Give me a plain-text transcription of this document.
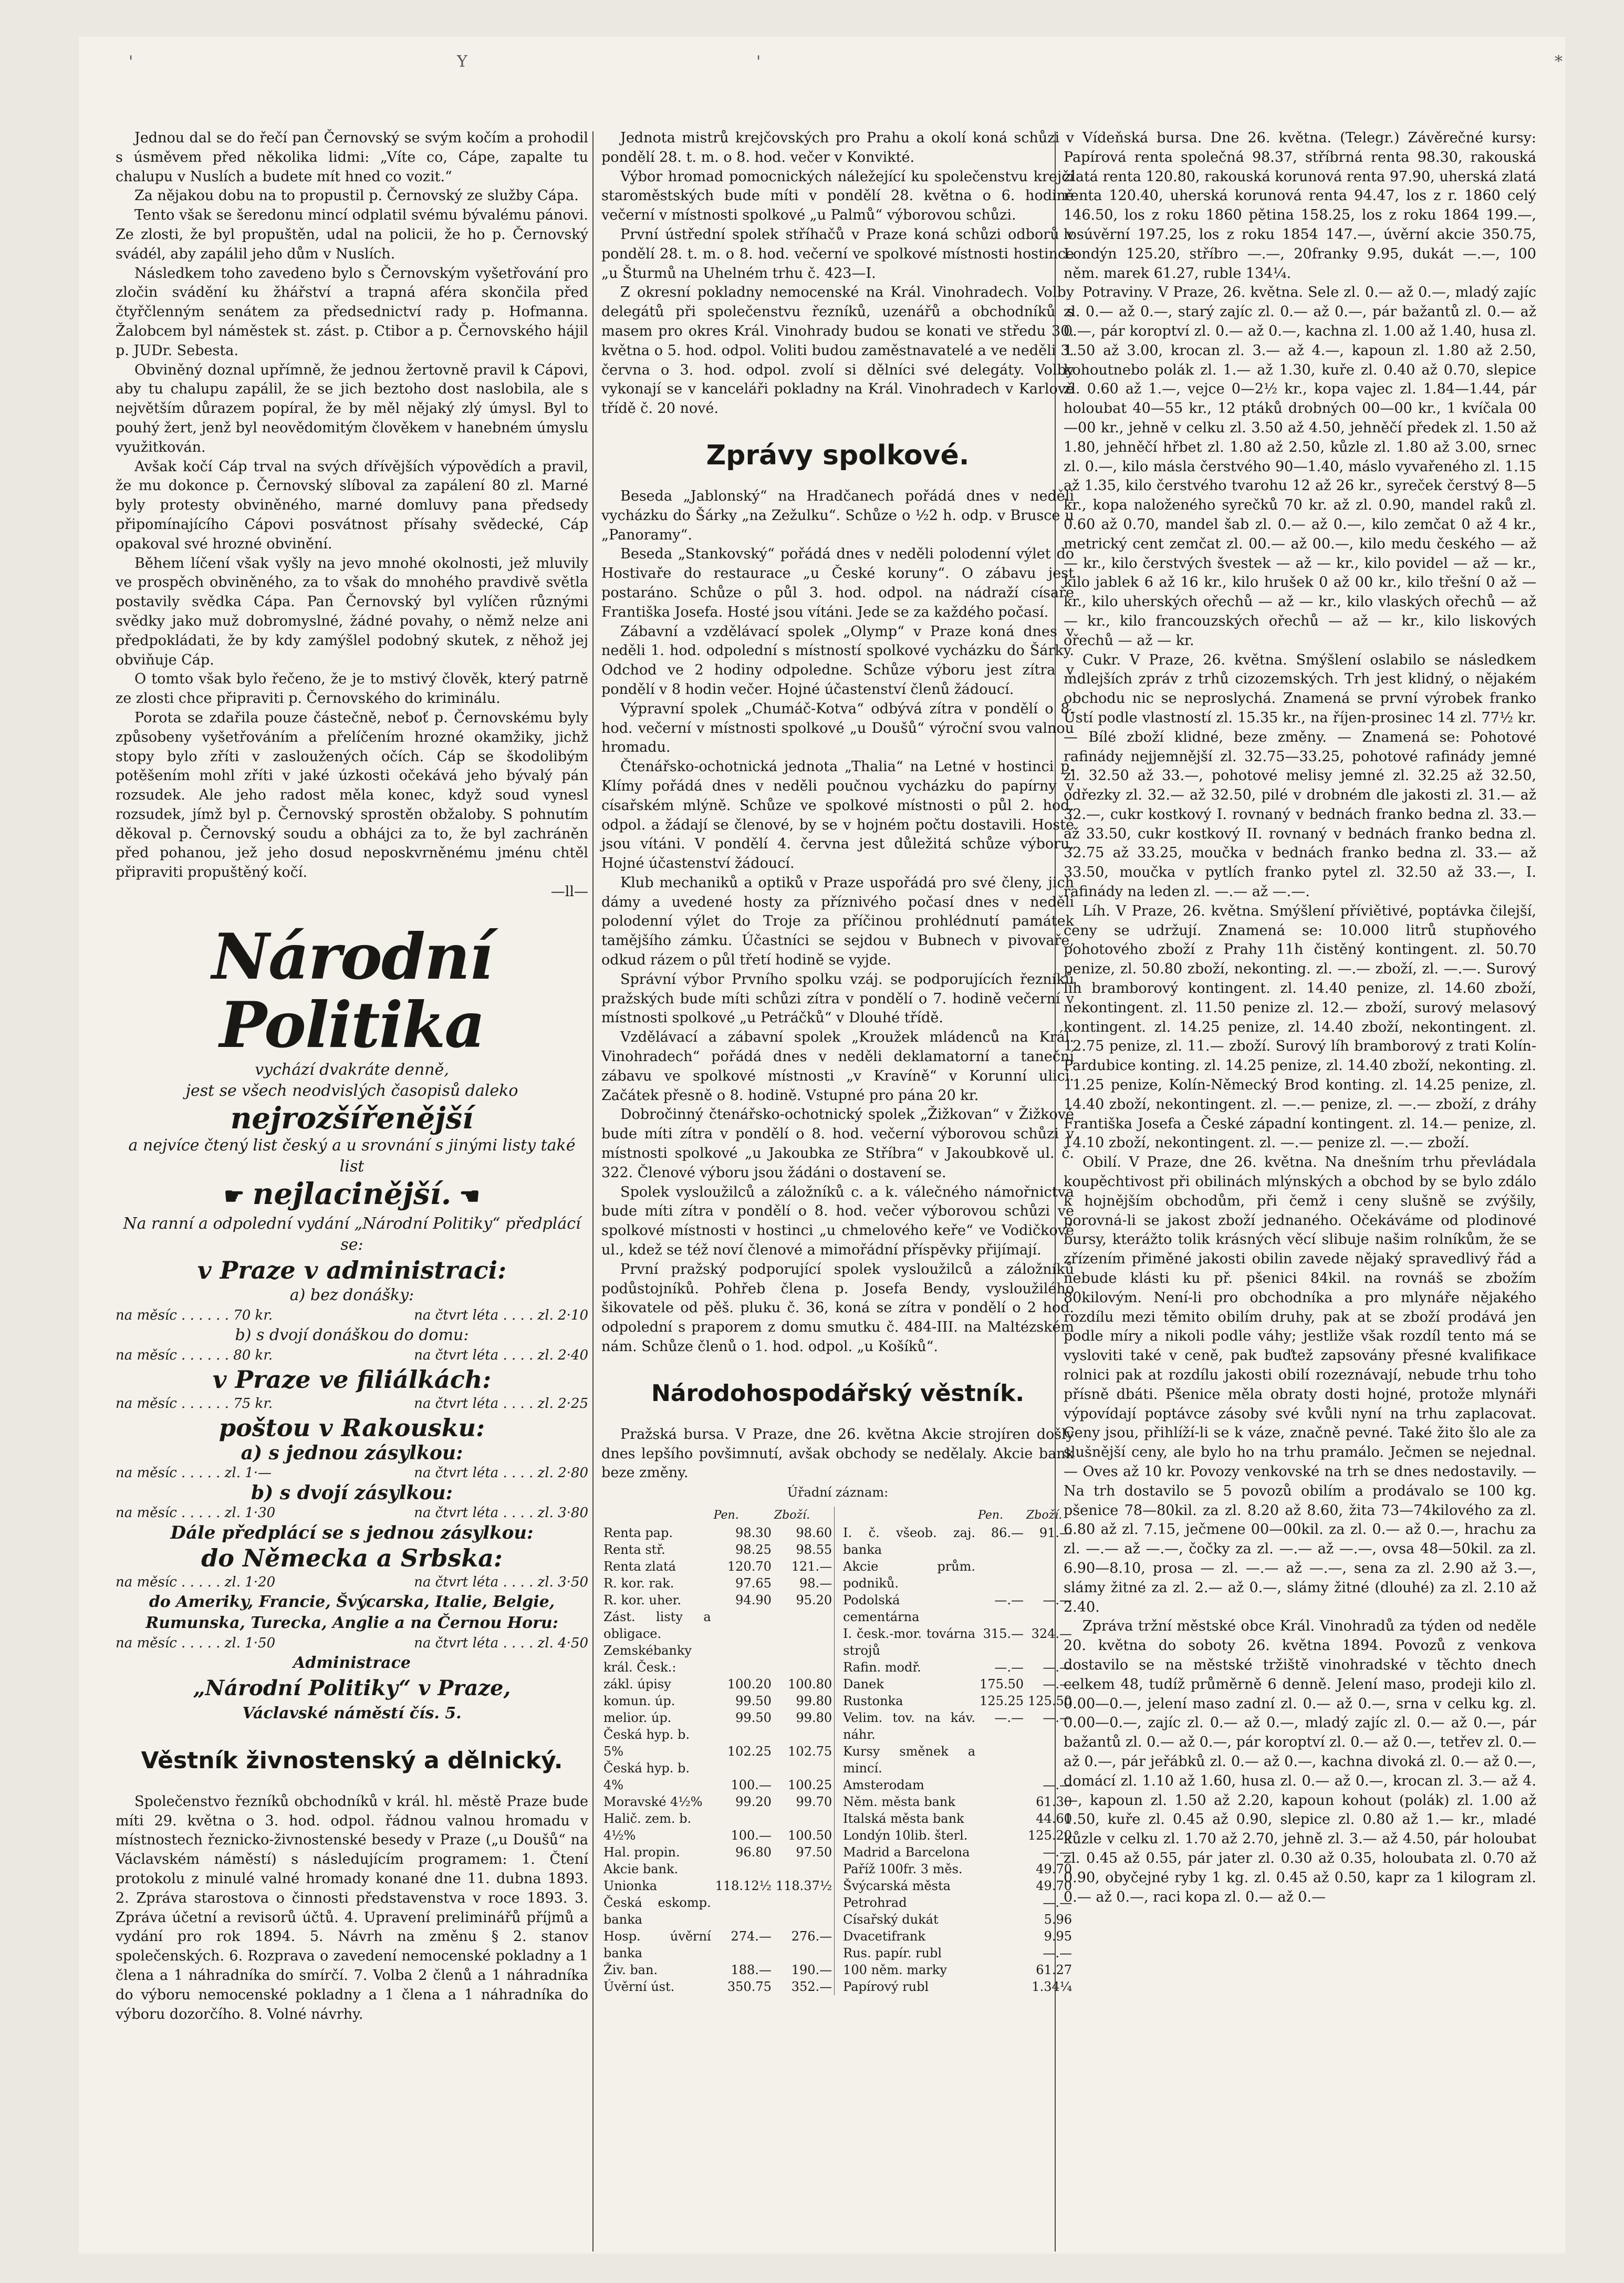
'	Y	'	*

Jednou dal se do řečí pan Černovský se svým kočím a prohodil s úsměvem před několika lidmi: „Víte co, Cápe, zapalte tu chalupu v Nuslích a budete mít hned co vozit.“

Za nějakou dobu na to propustil p. Černovský ze služby Cápa.

Tento však se šeredonu mincí odplatil svému bývalému pánovi. Ze zlosti, že byl propuštěn, udal na policii, že ho p. Černovský svádél, aby zapálil jeho dům v Nuslích.

Následkem toho zavedeno bylo s Černovským vyšetřování pro zločin svádění ku žhářství a trapná aféra skončila před čtyřčlenným senátem za předsednictví rady p. Hofmanna. Žalobcem byl náměstek st. zást. p. Ctibor a p. Černovského hájil p. JUDr. Sebesta.

Obviněný doznal upřímně, že jednou žertovně pravil k Cápovi, aby tu chalupu zapálil, že se jich beztoho dost naslobila, ale s největším důrazem popíral, že by měl nějaký zlý úmysl. Byl to pouhý žert, jenž byl neovědomitým člověkem v hanebném úmyslu využitkován.

Avšak kočí Cáp trval na svých dřívějších výpovědích a pravil, že mu dokonce p. Černovský slíboval za zapálení 80 zl. Marné byly protesty obviněného, marné domluvy pana předsedy připomínajícího Cápovi posvátnost přísahy svědecké, Cáp opakoval své hrozné obvinění.

Během líčení však vyšly na jevo mnohé okolnosti, jež mluvily ve prospěch obviněného, za to však do mnohého pravdivě světla postavily svědka Cápa. Pan Černovský byl vylíčen různými svědky jako muž dobromyslné, žádné povahy, o němž nelze ani předpokládati, že by kdy zamýšlel podobný skutek, z něhož jej obviňuje Cáp.

O tomto však bylo řečeno, že je to mstivý člověk, který patrně ze zlosti chce připraviti p. Černovského do kriminálu.

Porota se zdařila pouze částečně, neboť p. Černovskému byly způsobeny vyšetřováním a přelíčením hrozné okamžiky, jichž stopy bylo zříti v zasloužených očích. Cáp se škodolibým potěšením mohl zříti v jaké úzkosti očekává jeho bývalý pán rozsudek. Ale jeho radost měla konec, když soud vynesl rozsudek, jímž byl p. Černovský sprostěn obžaloby. S pohnutím děkoval p. Černovský soudu a obhájci za to, že byl zachráněn před pohanou, jež jeho dosud neposkvrněnému jménu chtěl připraviti propuštěný kočí.

—ll—

Národní Politika
vychází dvakráte denně,
jest se všech neodvislých časopisů daleko
nejrozšířenější
a nejvíce čtený list český a u srovnání s jinými listy také list
☛ nejlacinější. ☚
Na ranní a odpolední vydání „Národní Politiky“ předplácí se:
v Praze v administraci:
a) bez donášky:
na měsíc . . . . . . 70 kr.	na čtvrt léta . . . . zl. 2·10
b) s dvojí donáškou do domu:
na měsíc . . . . . . 80 kr.	na čtvrt léta . . . . zl. 2·40
v Praze ve filiálkách:
na měsíc . . . . . . 75 kr.	na čtvrt léta . . . . zl. 2·25
poštou v Rakousku:
a) s jednou zásylkou:
na měsíc . . . . . zl. 1·—	na čtvrt léta . . . . zl. 2·80
b) s dvojí zásylkou:
na měsíc . . . . . zl. 1·30	na čtvrt léta . . . . zl. 3·80
Dále předplácí se s jednou zásylkou:
do Německa a Srbska:
na měsíc . . . . . zl. 1·20	na čtvrt léta . . . . zl. 3·50
do Ameriky, Francie, Švýcarska, Italie, Belgie, Rumunska, Turecka, Anglie a na Černou Horu:
na měsíc . . . . . zl. 1·50	na čtvrt léta . . . . zl. 4·50
Administrace
„Národní Politiky“ v Praze,
Václavské náměstí čís. 5.
Věstník živnostenský a dělnický.

Společenstvo řezníků obchodníků v král. hl. městě Praze bude míti 29. května o 3. hod. odpol. řádnou valnou hromadu v místnostech řeznicko-živnostenské besedy v Praze („u Doušů“ na Václavském náměstí) s následujícím programem: 1. Čtení protokolu z minulé valné hromady konané dne 11. dubna 1893. 2. Zpráva starostova o činnosti představenstva v roce 1893. 3. Zpráva účetní a revisorů účtů. 4. Upravení preliminářů příjmů a vydání pro rok 1894. 5. Návrh na změnu § 2. stanov společenských. 6. Rozprava o zavedení nemocenské pokladny a 1 člena a 1 náhradníka do smírčí. 7. Volba 2 členů a 1 náhradníka do výboru nemocenské pokladny a 1 člena a 1 náhradníka do výboru dozorčího. 8. Volné návrhy.

Jednota mistrů krejčovských pro Prahu a okolí koná schůzi v pondělí 28. t. m. o 8. hod. večer v Konvikté.

Výbor hromad pomocnických náležející ku společenstvu krejčí staroměstských bude míti v pondělí 28. května o 6. hodině večerní v místnosti spolkové „u Palmů“ výborovou schůzi.

První ústřední spolek stříhačů v Praze koná schůzi odborů v pondělí 28. t. m. o 8. hod. večerní ve spolkové místnosti hostince „u Šturmů na Uhelném trhu č. 423—I.

Z okresní pokladny nemocenské na Král. Vinohradech. Volby delegátů při společenstvu řezníků, uzenářů a obchodníků s masem pro okres Král. Vinohrady budou se konati ve středu 30. května o 5. hod. odpol. Voliti budou zaměstnavatelé a ve neděli 3. června o 3. hod. odpol. zvolí si dělníci své delegáty. Volby vykonají se v kanceláři pokladny na Král. Vinohradech v Karlově třídě č. 20 nové.

Zprávy spolkové.

Beseda „Jablonský“ na Hradčanech pořádá dnes v neděli vycházku do Šárky „na Zežulku“. Schůze o ½2 h. odp. v Brusce u „Panoramy“.

Beseda „Stankovský“ pořádá dnes v neděli polodenní výlet do Hostivaře do restaurace „u České koruny“. O zábavu jest postaráno. Schůze o půl 3. hod. odpol. na nádraží císaře Františka Josefa. Hosté jsou vítáni. Jede se za každého počasí.

Zábavní a vzdělávací spolek „Olymp“ v Praze koná dnes v neděli 1. hod. odpolední s místností spolkové vycházku do Šárky. Odchod ve 2 hodiny odpoledne. Schůze výboru jest zítra v pondělí v 8 hodin večer. Hojné účastenství členů žádoucí.

Výpravní spolek „Chumáč-Kotva“ odbývá zítra v pondělí o 8. hod. večerní v místnosti spolkové „u Doušů“ výroční svou valnou hromadu.

Čtenářsko-ochotnická jednota „Thalia“ na Letné v hostinci p. Klímy pořádá dnes v neděli poučnou vycházku do papírny v císařském mlýně. Schůze ve spolkové místnosti o půl 2. hod. odpol. a žádají se členové, by se v hojném počtu dostavili. Hosté jsou vítáni. V pondělí 4. června jest důležitá schůze výboru. Hojné účastenství žádoucí.

Klub mechaniků a optiků v Praze uspořádá pro své členy, jich dámy a uvedené hosty za příznivého počasí dnes v neděli polodenní výlet do Troje za příčinou prohlédnutí památek tamějšího zámku. Účastníci se sejdou v Bubnech v pivovaře, odkud rázem o půl třetí hodině se vyjde.

Správní výbor Prvního spolku vzáj. se podporujících řezníků pražských bude míti schůzi zítra v pondělí o 7. hodině večerní v místnosti spolkové „u Petráčků“ v Dlouhé třídě.

Vzdělávací a zábavní spolek „Kroužek mládenců na Král. Vinohradech“ pořádá dnes v neděli deklamatorní a taneční zábavu ve spolkové místnosti „v Kravíně“ v Korunní ulici. Začátek přesně o 8. hodině. Vstupné pro pána 20 kr.

Dobročinný čtenářsko-ochotnický spolek „Žižkovan“ v Žižkově bude míti zítra v pondělí o 8. hod. večerní výborovou schůzi v místnosti spolkové „u Jakoubka ze Stříbra“ v Jakoubkově ul. č. 322. Členové výboru jsou žádáni o dostavení se.

Spolek vysloužilců a záložníků c. a k. válečného námořnictva bude míti zítra v pondělí o 8. hod. večer výborovou schůzi ve spolkové místnosti v hostinci „u chmelového keře“ ve Vodičkově ul., kdež se též noví členové a mimořádní příspěvky přijímají.

První pražský podporující spolek vysloužilců a záložníků podůstojníků. Pohřeb člena p. Josefa Bendy, vysloužilého šikovatele od pěš. pluku č. 36, koná se zítra v pondělí o 2 hod. odpolední s praporem z domu smutku č. 484-III. na Maltézském nám. Schůze členů o 1. hod. odpol. „u Košíků“.

Národohospodářský věstník.

Pražská bursa. V Praze, dne 26. května Akcie strojíren došly dnes lepšího povšimnutí, avšak obchody se nedělaly. Akcie bank beze změny.

Úřadní záznam:
	Pen.	Zboží.
Renta pap.	98.30	98.60
Renta stř.	98.25	98.55
Renta zlatá	120.70	121.—
R. kor. rak.	97.65	98.—
R. kor. uher.	94.90	95.20
Zást. listy a obligace.		
Zemskébanky král. Česk.:		
zákl. úpisy	100.20	100.80
komun. úp.	99.50	99.80
melior. úp.	99.50	99.80
Česká hyp. b.		
5%	102.25	102.75
Česká hyp. b.		
4%	100.—	100.25
Moravské 4½%	99.20	99.70
Halič. zem. b.		
4½%	100.—	100.50
Hal. propin.	96.80	97.50
Akcie bank.		
Unionka	118.12½	118.37½
Česká eskomp. banka		
Hosp. úvěrní banka	274.—	276.—
Živ. ban.	188.—	190.—
Úvěrní úst.	350.75	352.—
	Pen.	Zboží.
I. č. všeob. zaj. banka	86.—	91.—
Akcie prům. podniků.		
Podolská cementárna	—.—	—.—
I. česk.-mor. továrna strojů	315.—	324.—
Rafin. modř.	—.—	—.—
Danek	175.50	—.—
Rustonka	125.25	125.50
Velim. tov. na káv. náhr.	—.—	—.—
Kursy směnek a mincí.		
Amsterodam		—.—
Něm. města bank		61.30
Italská města bank		44.60
Londýn 10lib. šterl.		125.20
Madrid a Barcelona		—.—
Paříž 100fr. 3 měs.		49.70
Švýcarská města		49.70
Petrohrad		—.—
Císařský dukát		5.96
Dvacetifrank		9.95
Rus. papír. rubl		—.—
100 něm. marky		61.27
Papírový rubl		1.34¼

Vídeňská bursa. Dne 26. května. (Telegr.) Závěrečné kursy: Papírová renta společná 98.37, stříbrná renta 98.30, rakouská zlatá renta 120.80, rakouská korunová renta 97.90, uherská zlatá renta 120.40, uherská korunová renta 94.47, los z r. 1860 celý 146.50, los z roku 1860 pětina 158.25, los z roku 1864 199.—, losúvěrní 197.25, los z roku 1854 147.—, úvěrní akcie 350.75, Londýn 125.20, stříbro —.—, 20franky 9.95, dukát —.—, 100 něm. marek 61.27, ruble 134¼.

Potraviny. V Praze, 26. května. Sele zl. 0.— až 0.—, mladý zajíc zl. 0.— až 0.—, starý zajíc zl. 0.— až 0.—, pár bažantů zl. 0.— až 0.—, pár koroptví zl. 0.— až 0.—, kachna zl. 1.00 až 1.40, husa zl. 1.50 až 3.00, krocan zl. 3.— až 4.—, kapoun zl. 1.80 až 2.50, kohoutnebo polák zl. 1.— až 1.30, kuře zl. 0.40 až 0.70, slepice zl. 0.60 až 1.—, vejce 0—2½ kr., kopa vajec zl. 1.84—1.44, pár holoubat 40—55 kr., 12 ptáků drobných 00—00 kr., 1 kvíčala 00—00 kr., jehně v celku zl. 3.50 až 4.50, jehněčí předek zl. 1.50 až 1.80, jehněčí hřbet zl. 1.80 až 2.50, kůzle zl. 1.80 až 3.00, srnec zl. 0.—, kilo másla čerstvého 90—1.40, máslo vyvařeného zl. 1.15 až 1.35, kilo čerstvého tvarohu 12 až 26 kr., syreček čerstvý 8—5 kr., kopa naloženého syrečků 70 kr. až zl. 0.90, mandel raků zl. 0.60 až 0.70, mandel šab zl. 0.— až 0.—, kilo zemčat 0 až 4 kr., metrický cent zemčat zl. 00.— až 00.—, kilo medu českého — až — kr., kilo čerstvých švestek — až — kr., kilo povidel — až — kr., kilo jablek 6 až 16 kr., kilo hrušek 0 až 00 kr., kilo třešní 0 až — kr., kilo uherských ořechů — až — kr., kilo vlaských ořechů — až — kr., kilo francouzských ořechů — až — kr., kilo liskových ořechů — až — kr.

Cukr. V Praze, 26. května. Smýšlení oslabilo se následkem mdlejších zpráv z trhů cizozemských. Trh jest klidný, o nějakém obchodu nic se neproslychá. Znamená se první výrobek franko Ústí podle vlastností zl. 15.35 kr., na říjen-prosinec 14 zl. 77½ kr. — Bílé zboží klidné, beze změny. — Znamená se: Pohotové rafinády nejjemnější zl. 32.75—33.25, pohotové rafinády jemné zl. 32.50 až 33.—, pohotové melisy jemné zl. 32.25 až 32.50, odřezky zl. 32.— až 32.50, pilé v drobném dle jakosti zl. 31.— až 32.—, cukr kostkový I. rovnaný v bednách franko bedna zl. 33.— až 33.50, cukr kostkový II. rovnaný v bednách franko bedna zl. 32.75 až 33.25, moučka v bednách franko bedna zl. 33.— až 33.50, moučka v pytlích franko pytel zl. 32.50 až 33.—, I. rafinády na leden zl. —.— až —.—.

Líh. V Praze, 26. května. Smýšlení příviětivé, poptávka čilejší, ceny se udržují. Znamená se: 10.000 litrů stupňového pohotového zboží z Prahy 11h čistěný kontingent. zl. 50.70 penize, zl. 50.80 zboží, nekonting. zl. —.— zboží, zl. —.—. Surový líh bramborový kontingent. zl. 14.40 penize, zl. 14.60 zboží, nekontingent. zl. 11.50 penize zl. 12.— zboží, surový melasový kontingent. zl. 14.25 penize, zl. 14.40 zboží, nekontingent. zl. 12.75 penize, zl. 11.— zboží. Surový líh bramborový z trati Kolín-Pardubice konting. zl. 14.25 penize, zl. 14.40 zboží, nekonting. zl. 11.25 penize, Kolín-Německý Brod konting. zl. 14.25 penize, zl. 14.40 zboží, nekontingent. zl. —.— penize, zl. —.— zboží, z dráhy Františka Josefa a České západní kontingent. zl. 14.— penize, zl. 14.10 zboží, nekontingent. zl. —.— penize zl. —.— zboží.

Obilí. V Praze, dne 26. května. Na dnešním trhu převládala koupěchtivost při obilinách mlýnských a obchod by se bylo zdálo k hojnějším obchodům, při čemž i ceny slušně se zvýšily, porovná-li se jakost zboží jednaného. Očekáváme od plodinové bursy, kterážto tolik krásných věcí slibuje našim rolníkům, že se zřízením přiměné jakosti obilin zavede nějaký spravedlivý řád a nebude klásti ku př. pšenici 84kil. na rovnáš se zbožím 80kilovým. Není-li pro obchodníka a pro mlynáře nějakého rozdílu mezi těmito obilím druhy, pak at se zboží prodává jen podle míry a nikoli podle váhy; jestliže však rozdíl tento má se vysloviti také v ceně, pak buďtež zapsovány přesné kvalifikace rolnici pak at rozdílu jakosti obilí rozeznávají, nebude trhu toho přísně dbáti. Pšenice měla obraty dosti hojné, protože mlynáři výpovídají poptávce zásoby své kvůli nyní na trhu zaplacovat. Ceny jsou, přihlíží-li se k váze, značně pevné. Také žito šlo ale za slušnější ceny, ale bylo ho na trhu pramálo. Ječmen se nejednal. — Oves až 10 kr. Povozy venkovské na trh se dnes nedostavily. — Na trh dostavilo se 5 povozů obilím a prodávalo se 100 kg. pšenice 78—80kil. za zl. 8.20 až 8.60, žita 73—74kilového za zl. 6.80 až zl. 7.15, ječmene 00—00kil. za zl. 0.— až 0.—, hrachu za zl. —.— až —.—, čočky za zl. —.— až —.—, ovsa 48—50kil. za zl. 6.90—8.10, prosa — zl. —.— až —.—, sena za zl. 2.90 až 3.—, slámy žitné za zl. 2.— až 0.—, slámy žitné (dlouhé) za zl. 2.10 až 2.40.

Zpráva tržní městské obce Král. Vinohradů za týden od neděle 20. května do soboty 26. května 1894. Povozů z venkova dostavilo se na městské tržiště vinohradské v těchto dnech celkem 48, tudíž průměrně 6 denně. Jelení maso, prodeji kilo zl. 0.00—0.—, jelení maso zadní zl. 0.— až 0.—, srna v celku kg. zl. 0.00—0.—, zajíc zl. 0.— až 0.—, mladý zajíc zl. 0.— až 0.—, pár bažantů zl. 0.— až 0.—, pár koroptví zl. 0.— až 0.—, tetřev zl. 0.— až 0.—, pár jeřábků zl. 0.— až 0.—, kachna divoká zl. 0.— až 0.—, domácí zl. 1.10 až 1.60, husa zl. 0.— až 0.—, krocan zl. 3.— až 4.—, kapoun zl. 1.50 až 2.20, kapoun kohout (polák) zl. 1.00 až 1.50, kuře zl. 0.45 až 0.90, slepice zl. 0.80 až 1.— kr., mladé kůzle v celku zl. 1.70 až 2.70, jehně zl. 3.— až 4.50, pár holoubat zl. 0.45 až 0.55, pár jater zl. 0.30 až 0.35, holoubata zl. 0.70 až 0.90, obyčejné ryby 1 kg. zl. 0.45 až 0.50, kapr za 1 kilogram zl. 0.— až 0.—, raci kopa zl. 0.— až 0.—
